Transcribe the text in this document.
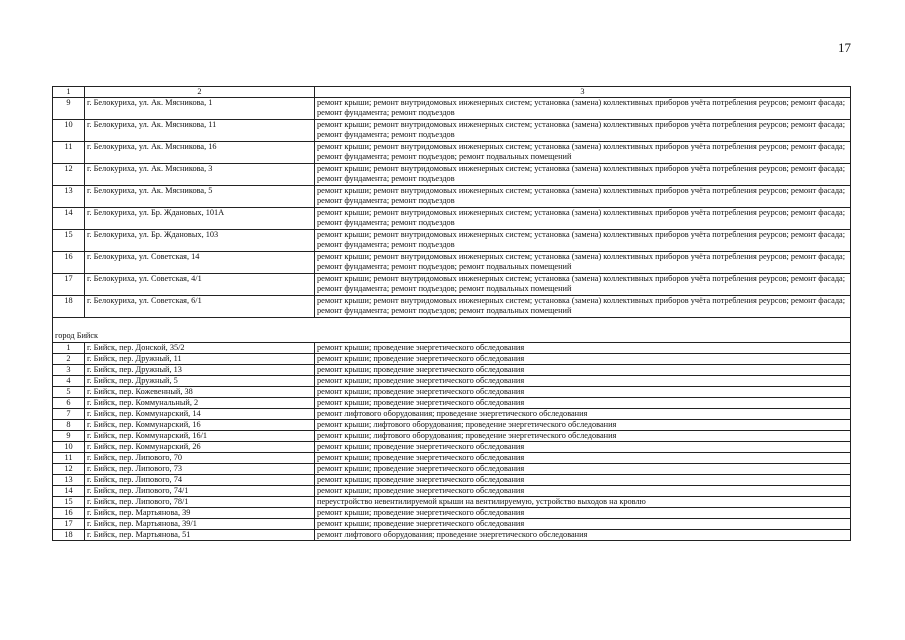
17
1	2	3
9	г. Белокуриха, ул. Ак. Мясникова, 1	ремонт крыши; ремонт внутридомовых инженерных систем; установка (замена) коллективных приборов учёта потребления реурсов; ремонт фасада; ремонт фундамента; ремонт подъездов
10	г. Белокуриха, ул. Ак. Мясникова, 11	ремонт крыши; ремонт внутридомовых инженерных систем; установка (замена) коллективных приборов учёта потребления реурсов; ремонт фасада; ремонт фундамента; ремонт подъездов
11	г. Белокуриха, ул. Ак. Мясникова, 16	ремонт крыши; ремонт внутридомовых инженерных систем; установка (замена) коллективных приборов учёта потребления реурсов; ремонт фасада; ремонт фундамента; ремонт подъездов; ремонт подвальных помещений
12	г. Белокуриха, ул. Ак. Мясникова, 3	ремонт крыши; ремонт внутридомовых инженерных систем; установка (замена) коллективных приборов учёта потребления реурсов; ремонт фасада; ремонт фундамента; ремонт подъездов
13	г. Белокуриха, ул. Ак. Мясникова, 5	ремонт крыши; ремонт внутридомовых инженерных систем; установка (замена) коллективных приборов учёта потребления реурсов; ремонт фасада; ремонт фундамента; ремонт подъездов
14	г. Белокуриха, ул. Бр. Ждановых, 101А	ремонт крыши; ремонт внутридомовых инженерных систем; установка (замена) коллективных приборов учёта потребления реурсов; ремонт фасада; ремонт фундамента; ремонт подъездов
15	г. Белокуриха, ул. Бр. Ждановых, 103	ремонт крыши; ремонт внутридомовых инженерных систем; установка (замена) коллективных приборов учёта потребления реурсов; ремонт фасада; ремонт фундамента; ремонт подъездов
16	г. Белокуриха, ул. Советская, 14	ремонт крыши; ремонт внутридомовых инженерных систем; установка (замена) коллективных приборов учёта потребления реурсов; ремонт фасада; ремонт фундамента; ремонт подъездов; ремонт подвальных помещений
17	г. Белокуриха, ул. Советская, 4/1	ремонт крыши; ремонт внутридомовых инженерных систем; установка (замена) коллективных приборов учёта потребления реурсов; ремонт фасада; ремонт фундамента; ремонт подъездов; ремонт подвальных помещений
18	г. Белокуриха, ул. Советская, 6/1	ремонт крыши; ремонт внутридомовых инженерных систем; установка (замена) коллективных приборов учёта потребления реурсов; ремонт фасада; ремонт фундамента; ремонт подъездов; ремонт подвальных помещений
город Бийск		
1	г. Бийск, пер. Донской, 35/2	ремонт крыши; проведение энергетического обследования
2	г. Бийск, пер. Дружный, 11	ремонт крыши; проведение энергетического обследования
3	г. Бийск, пер. Дружный, 13	ремонт крыши; проведение энергетического обследования
4	г. Бийск, пер. Дружный, 5	ремонт крыши; проведение энергетического обследования
5	г. Бийск, пер. Кожевенный, 38	ремонт крыши; проведение энергетического обследования
6	г. Бийск, пер. Коммунальный, 2	ремонт крыши; проведение энергетического обследования
7	г. Бийск, пер. Коммунарский, 14	ремонт лифтового оборудования; проведение энергетического обследования
8	г. Бийск, пер. Коммунарский, 16	ремонт крыши; лифтового оборудования; проведение энергетического обследования
9	г. Бийск, пер. Коммунарский, 16/1	ремонт крыши; лифтового оборудования; проведение энергетического обследования
10	г. Бийск, пер. Коммунарский, 26	ремонт крыши; проведение энергетического обследования
11	г. Бийск, пер. Липового, 70	ремонт крыши; проведение энергетического обследования
12	г. Бийск, пер. Липового, 73	ремонт крыши; проведение энергетического обследования
13	г. Бийск, пер. Липового, 74	ремонт крыши; проведение энергетического обследования
14	г. Бийск, пер. Липового, 74/1	ремонт крыши; проведение энергетического обследования
15	г. Бийск, пер. Липового, 78/1	переустройство невентилируемой крыши на вентилируемую, устройство выходов на кровлю
16	г. Бийск, пер. Мартьянова, 39	ремонт крыши; проведение энергетического обследования
17	г. Бийск, пер. Мартьянова, 39/1	ремонт крыши; проведение энергетического обследования
18	г. Бийск, пер. Мартьянова, 51	ремонт лифтового оборудования; проведение энергетического обследования
